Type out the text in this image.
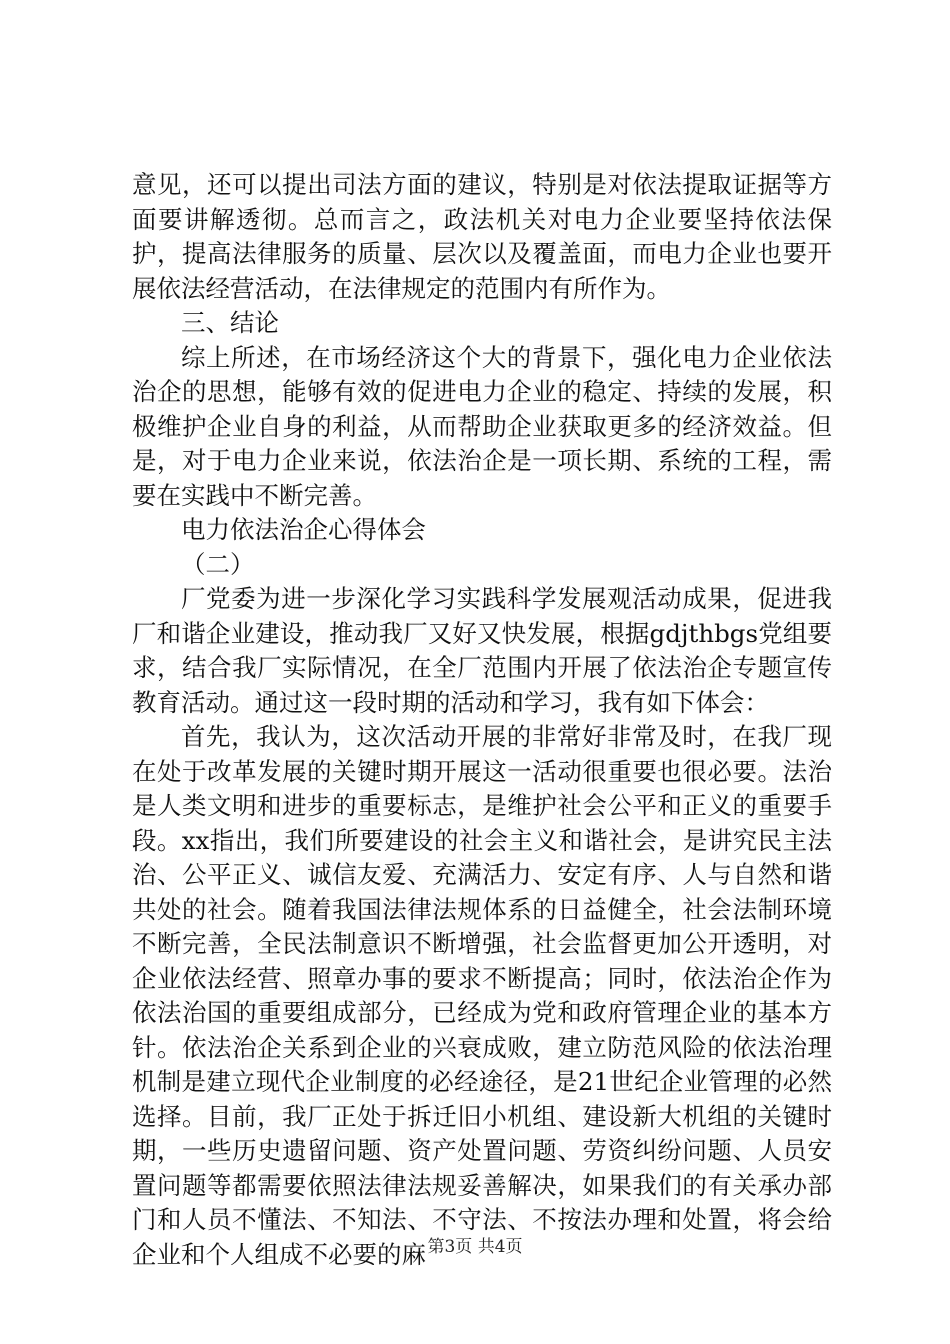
意见，还可以提出司法方面的建议，特别是对依法提取证据等方面要讲解透彻。总而言之，政法机关对电力企业要坚持依法保护，提高法律服务的质量、层次以及覆盖面，而电力企业也要开展依法经营活动，在法律规定的范围内有所作为。

三、结论

综上所述，在市场经济这个大的背景下，强化电力企业依法治企的思想，能够有效的促进电力企业的稳定、持续的发展，积极维护企业自身的利益，从而帮助企业获取更多的经济效益。但是，对于电力企业来说，依法治企是一项长期、系统的工程，需要在实践中不断完善。

电力依法治企心得体会

（二）

厂党委为进一步深化学习实践科学发展观活动成果，促进我厂和谐企业建设，推动我厂又好又快发展，根据gdjthbgs党组要求，结合我厂实际情况，在全厂范围内开展了依法治企专题宣传教育活动。通过这一段时期的活动和学习，我有如下体会：

首先，我认为，这次活动开展的非常好非常及时，在我厂现在处于改革发展的关键时期开展这一活动很重要也很必要。法治是人类文明和进步的重要标志，是维护社会公平和正义的重要手段。xx指出，我们所要建设的社会主义和谐社会，是讲究民主法治、公平正义、诚信友爱、充满活力、安定有序、人与自然和谐共处的社会。随着我国法律法规体系的日益健全，社会法制环境不断完善，全民法制意识不断增强，社会监督更加公开透明，对企业依法经营、照章办事的要求不断提高；同时，依法治企作为依法治国的重要组成部分，已经成为党和政府管理企业的基本方针。依法治企关系到企业的兴衰成败，建立防范风险的依法治理机制是建立现代企业制度的必经途径，是21世纪企业管理的必然选择。目前，我厂正处于拆迁旧小机组、建设新大机组的关键时期，一些历史遗留问题、资产处置问题、劳资纠纷问题、人员安置问题等都需要依照法律法规妥善解决，如果我们的有关承办部门和人员不懂法、不知法、不守法、不按法办理和处置，将会给企业和个人组成不必要的麻 第3页 共4页
